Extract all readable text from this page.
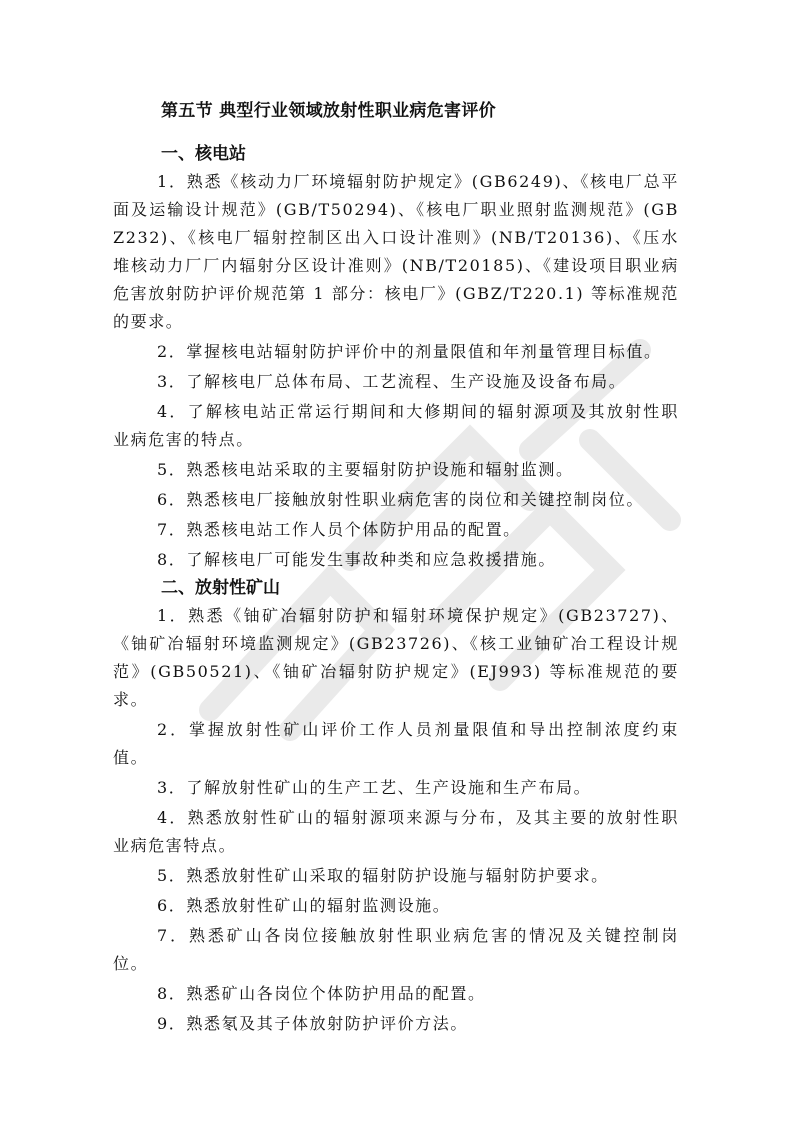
第五节 典型行业领域放射性职业病危害评价
一、核电站

1．熟悉《核动力厂环境辐射防护规定》(GB6249)、《核电厂总平面及运输设计规范》(GB/T50294)、《核电厂职业照射监测规范》(GBZ232)、《核电厂辐射控制区出入口设计准则》(NB/T20136)、《压水堆核动力厂厂内辐射分区设计准则》(NB/T20185)、《建设项目职业病危害放射防护评价规范第 1 部分：核电厂》(GBZ/T220.1) 等标准规范的要求。

2．掌握核电站辐射防护评价中的剂量限值和年剂量管理目标值。

3．了解核电厂总体布局、工艺流程、生产设施及设备布局。

4．了解核电站正常运行期间和大修期间的辐射源项及其放射性职业病危害的特点。

5．熟悉核电站采取的主要辐射防护设施和辐射监测。

6．熟悉核电厂接触放射性职业病危害的岗位和关键控制岗位。

7．熟悉核电站工作人员个体防护用品的配置。

8．了解核电厂可能发生事故种类和应急救援措施。

二、放射性矿山

1．熟悉《铀矿冶辐射防护和辐射环境保护规定》(GB23727)、《铀矿冶辐射环境监测规定》(GB23726)、《核工业铀矿冶工程设计规范》(GB50521)、《铀矿冶辐射防护规定》(EJ993) 等标准规范的要求。

2．掌握放射性矿山评价工作人员剂量限值和导出控制浓度约束值。

3．了解放射性矿山的生产工艺、生产设施和生产布局。

4．熟悉放射性矿山的辐射源项来源与分布，及其主要的放射性职业病危害特点。

5．熟悉放射性矿山采取的辐射防护设施与辐射防护要求。

6．熟悉放射性矿山的辐射监测设施。

7．熟悉矿山各岗位接触放射性职业病危害的情况及关键控制岗位。

8．熟悉矿山各岗位个体防护用品的配置。

9．熟悉氡及其子体放射防护评价方法。
